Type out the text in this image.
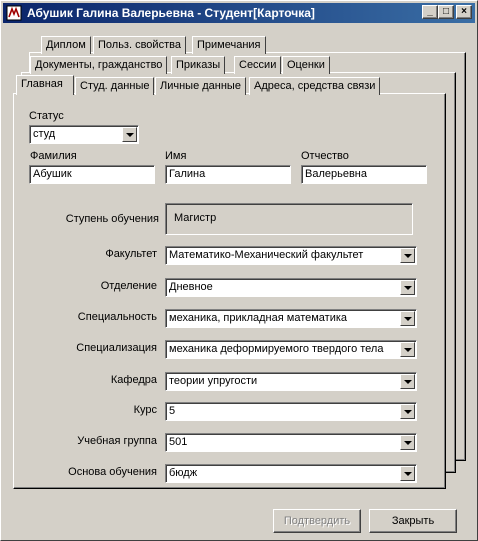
Абушик Галина Валерьевна - Студент[Карточка]	_	□	×
Диплом	Польз. свойства	Примечания
Документы, гражданство	Приказы	Сессии Оценки
Главная	Студ. данные Личные данные	Адреса, средства связи
Статус
студ
Фамилия
Абушик
Имя
Галина
Отчество
Валерьевна
Ступень обучения	Магистр
Факультет	Математико-Механический факультет
Отделение	Дневное
Специальность	механика, прикладная математика
Специализация	механика деформируемого твердого тела
Кафедра	теории упругости
Курс	5
Учебная группа	501
Основа обучения	бюдж
Подтвердить	Закрыть
